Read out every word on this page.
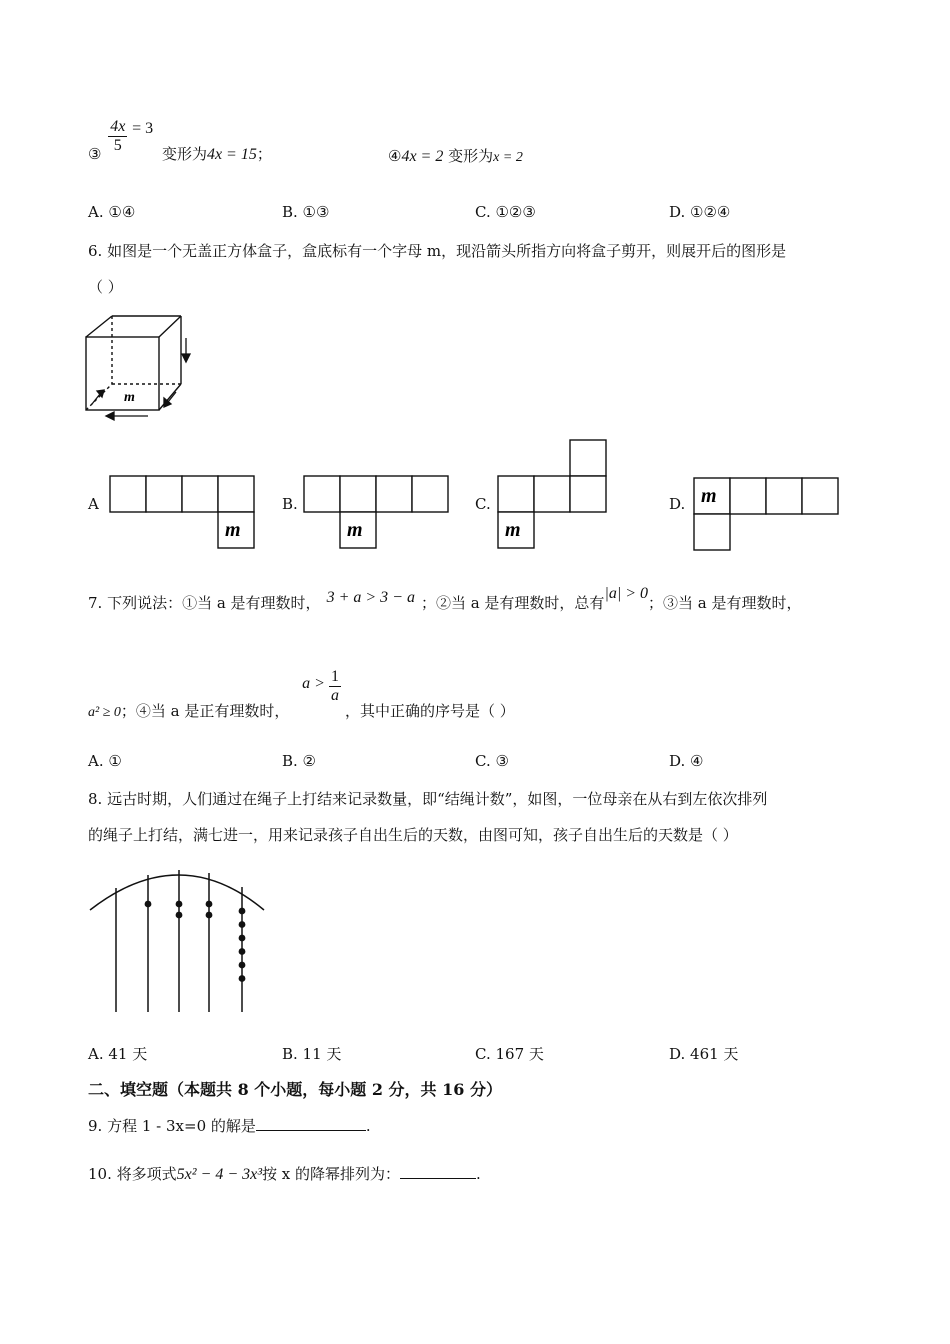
③ $\frac{4x}{5} = 3$ 变形为4x = 15；	④4x = 2 变形为x = 2
A. ①④	B. ①③	C. ①②③	D. ①②④
6. 如图是一个无盖正方体盒子，盒底标有一个字母 m，现沿箭头所指方向将盒子剪开，则展开后的图形是
（ ）
m
A
m
B.
m
C.
m
D. m
7. 下列说法：①当 a 是有理数时， 3 + a > 3 − a ；②当 a 是有理数时，总有|a| > 0；③当 a 是有理数时，
a² ≥ 0；④当 a 是正有理数时， $a > \frac{1}{a}$
，其中正确的序号是（ ）
A. ①	B. ②	C. ③	D. ④
8. 远古时期，人们通过在绳子上打结来记录数量，即“结绳计数”，如图，一位母亲在从右到左依次排列
的绳子上打结，满七进一，用来记录孩子自出生后的天数，由图可知，孩子自出生后的天数是（ ）
A. 41 天	B. 11 天	C. 167 天	D. 461 天
二、填空题（本题共 8 个小题，每小题 2 分，共 16 分）
9. 方程 1 - 3x=0 的解是	.
10. 将多项式5x² − 4 − 3x³按 x 的降幂排列为：	.
